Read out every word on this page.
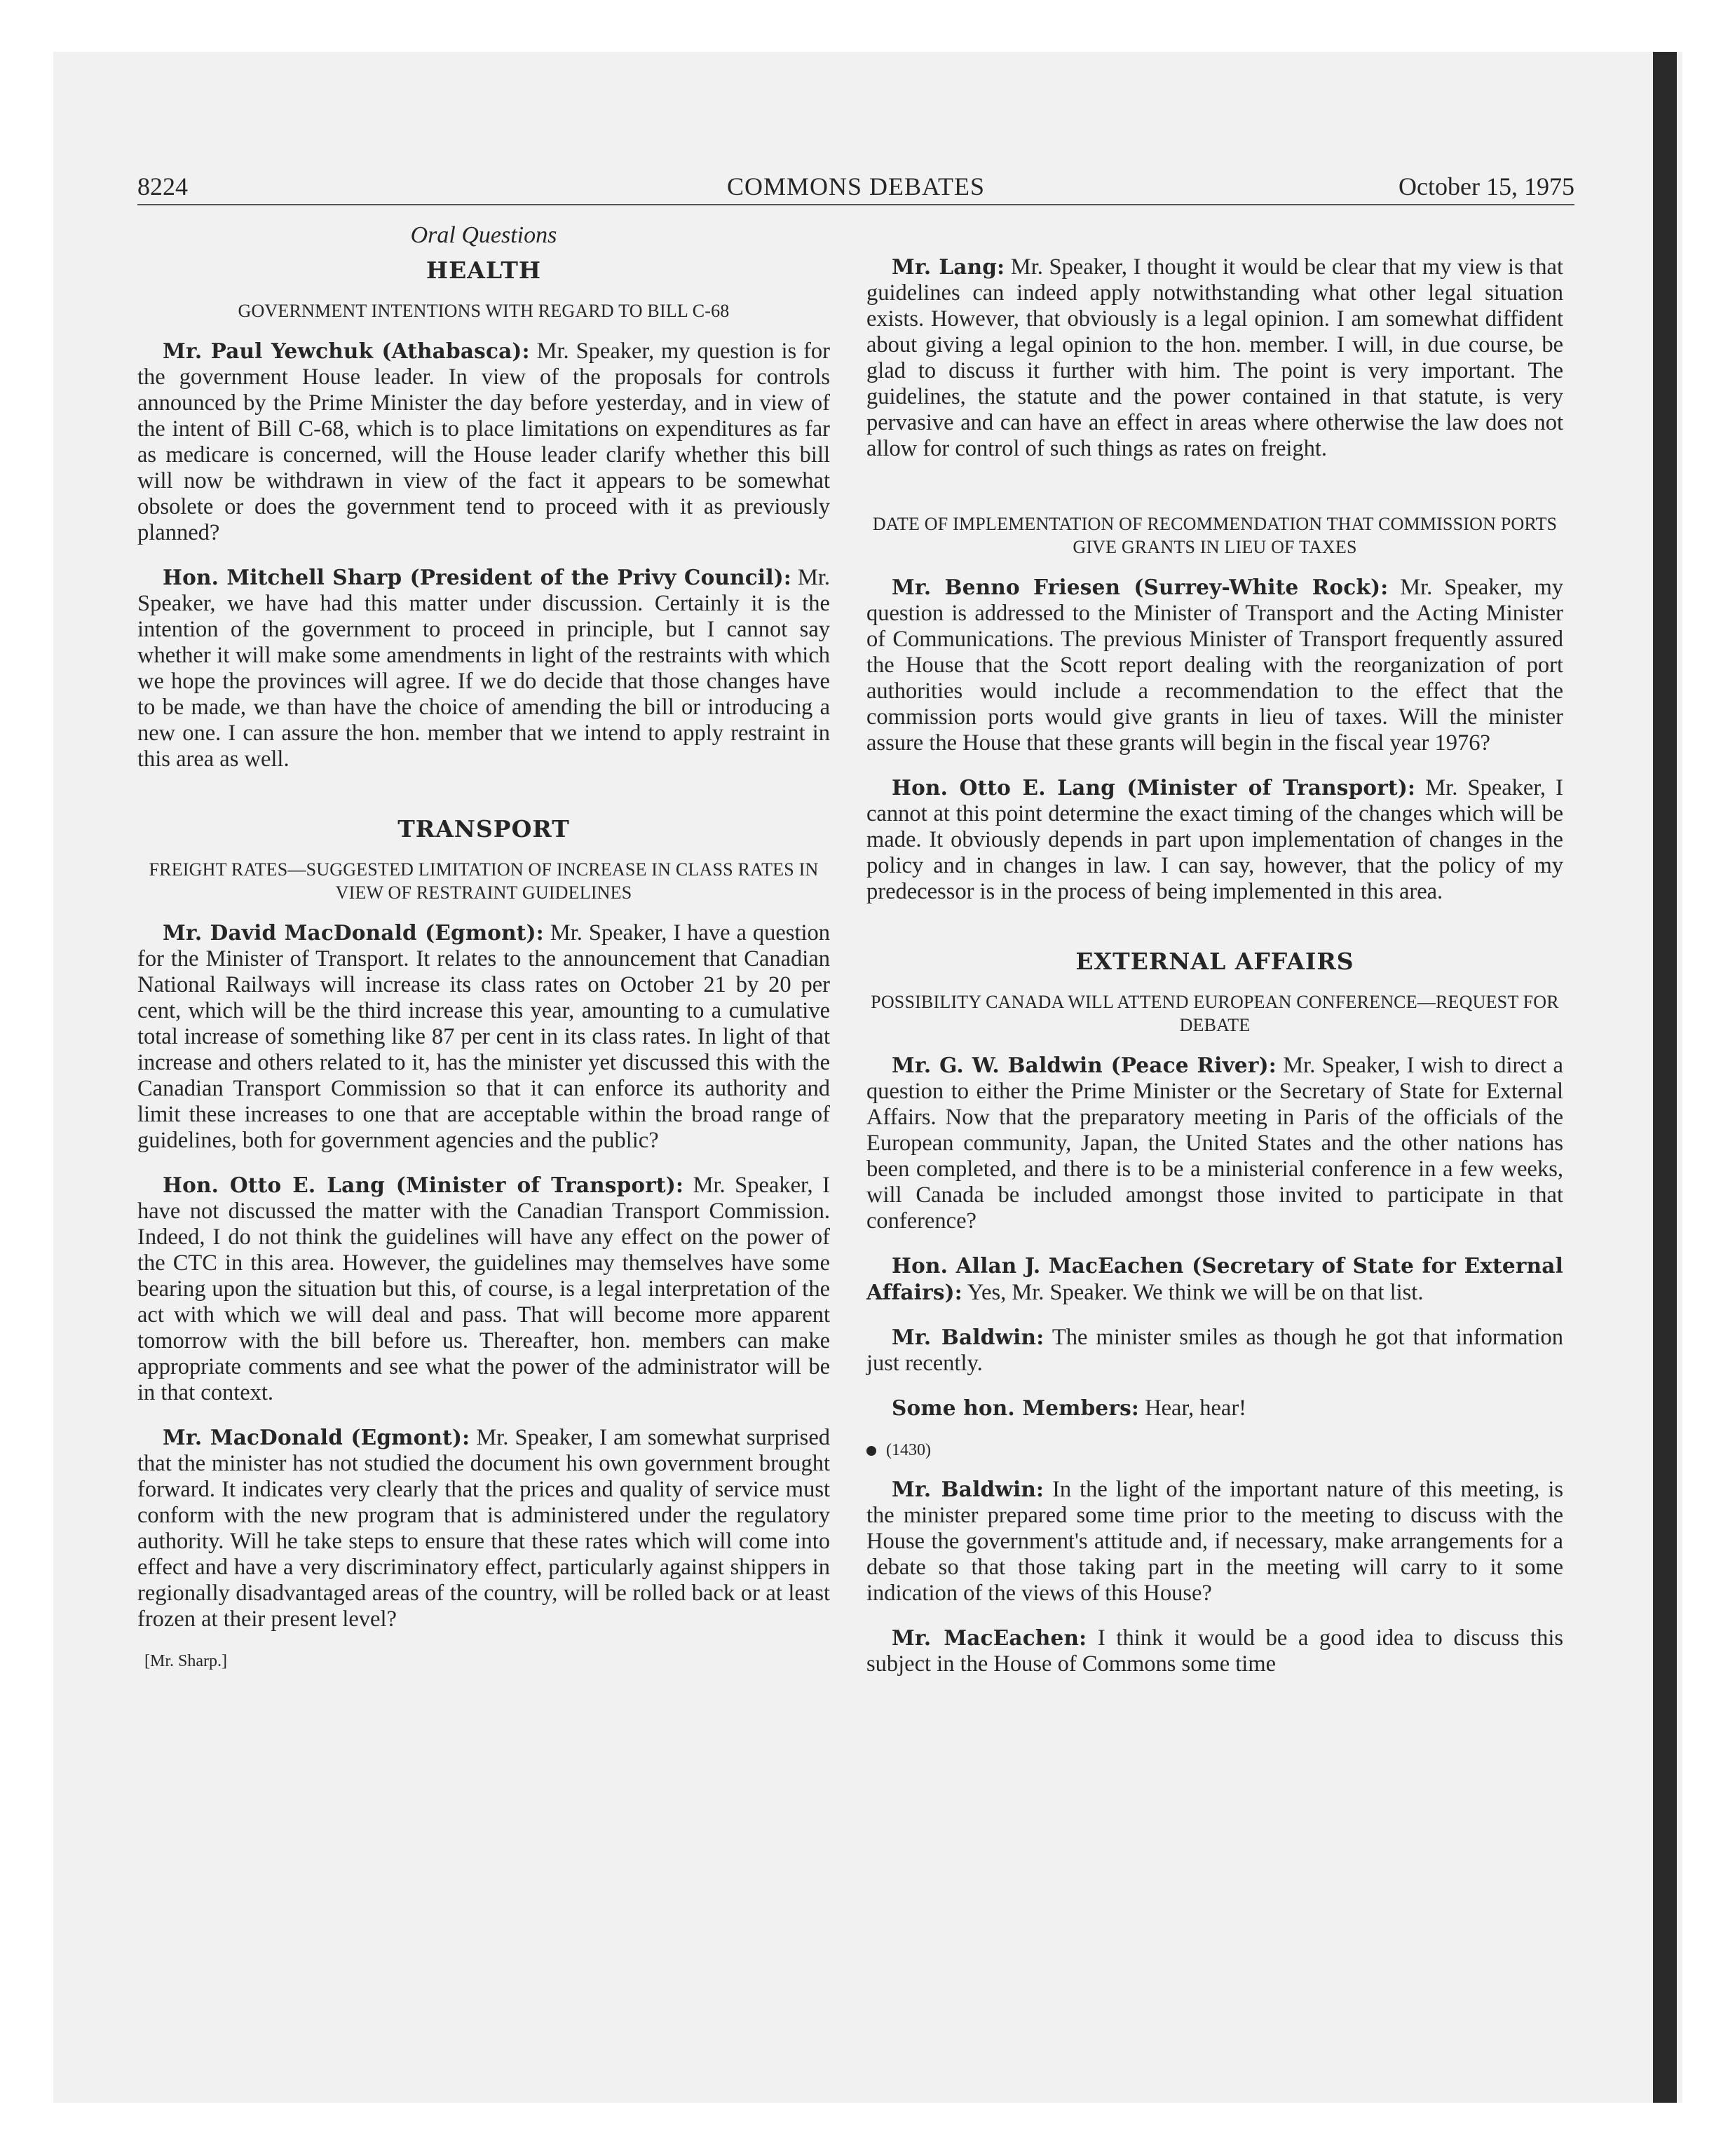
8224	COMMONS DEBATES	October 15, 1975
Oral Questions
HEALTH
GOVERNMENT INTENTIONS WITH REGARD TO BILL C-68

Mr. Paul Yewchuk (Athabasca): Mr. Speaker, my question is for the government House leader. In view of the proposals for controls announced by the Prime Minister the day before yesterday, and in view of the intent of Bill C-68, which is to place limitations on expenditures as far as medicare is concerned, will the House leader clarify whether this bill will now be withdrawn in view of the fact it appears to be somewhat obsolete or does the government tend to proceed with it as previously planned?

Hon. Mitchell Sharp (President of the Privy Council): Mr. Speaker, we have had this matter under discussion. Certainly it is the intention of the government to proceed in principle, but I cannot say whether it will make some amendments in light of the restraints with which we hope the provinces will agree. If we do decide that those changes have to be made, we than have the choice of amending the bill or introducing a new one. I can assure the hon. member that we intend to apply restraint in this area as well.

TRANSPORT
FREIGHT RATES—SUGGESTED LIMITATION OF INCREASE IN CLASS RATES IN VIEW OF RESTRAINT GUIDELINES

Mr. David MacDonald (Egmont): Mr. Speaker, I have a question for the Minister of Transport. It relates to the announcement that Canadian National Railways will increase its class rates on October 21 by 20 per cent, which will be the third increase this year, amounting to a cumulative total increase of something like 87 per cent in its class rates. In light of that increase and others related to it, has the minister yet discussed this with the Canadian Transport Commission so that it can enforce its authority and limit these increases to one that are acceptable within the broad range of guidelines, both for government agencies and the public?

Hon. Otto E. Lang (Minister of Transport): Mr. Speaker, I have not discussed the matter with the Canadian Transport Commission. Indeed, I do not think the guidelines will have any effect on the power of the CTC in this area. However, the guidelines may themselves have some bearing upon the situation but this, of course, is a legal interpretation of the act with which we will deal and pass. That will become more apparent tomorrow with the bill before us. Thereafter, hon. members can make appropriate comments and see what the power of the administrator will be in that context.

Mr. MacDonald (Egmont): Mr. Speaker, I am somewhat surprised that the minister has not studied the document his own government brought forward. It indicates very clearly that the prices and quality of service must conform with the new program that is administered under the regulatory authority. Will he take steps to ensure that these rates which will come into effect and have a very discriminatory effect, particularly against shippers in regionally disadvantaged areas of the country, will be rolled back or at least frozen at their present level?

[Mr. Sharp.]

Mr. Lang: Mr. Speaker, I thought it would be clear that my view is that guidelines can indeed apply notwithstanding what other legal situation exists. However, that obviously is a legal opinion. I am somewhat diffident about giving a legal opinion to the hon. member. I will, in due course, be glad to discuss it further with him. The point is very important. The guidelines, the statute and the power contained in that statute, is very pervasive and can have an effect in areas where otherwise the law does not allow for control of such things as rates on freight.

DATE OF IMPLEMENTATION OF RECOMMENDATION THAT COMMISSION PORTS GIVE GRANTS IN LIEU OF TAXES

Mr. Benno Friesen (Surrey-White Rock): Mr. Speaker, my question is addressed to the Minister of Transport and the Acting Minister of Communications. The previous Minister of Transport frequently assured the House that the Scott report dealing with the reorganization of port authorities would include a recommendation to the effect that the commission ports would give grants in lieu of taxes. Will the minister assure the House that these grants will begin in the fiscal year 1976?

Hon. Otto E. Lang (Minister of Transport): Mr. Speaker, I cannot at this point determine the exact timing of the changes which will be made. It obviously depends in part upon implementation of changes in the policy and in changes in law. I can say, however, that the policy of my predecessor is in the process of being implemented in this area.

EXTERNAL AFFAIRS
POSSIBILITY CANADA WILL ATTEND EUROPEAN CONFERENCE—REQUEST FOR DEBATE

Mr. G. W. Baldwin (Peace River): Mr. Speaker, I wish to direct a question to either the Prime Minister or the Secretary of State for External Affairs. Now that the preparatory meeting in Paris of the officials of the European community, Japan, the United States and the other nations has been completed, and there is to be a ministerial conference in a few weeks, will Canada be included amongst those invited to participate in that conference?

Hon. Allan J. MacEachen (Secretary of State for External Affairs): Yes, Mr. Speaker. We think we will be on that list.

Mr. Baldwin: The minister smiles as though he got that information just recently.

Some hon. Members: Hear, hear!

(1430)

Mr. Baldwin: In the light of the important nature of this meeting, is the minister prepared some time prior to the meeting to discuss with the House the government's attitude and, if necessary, make arrangements for a debate so that those taking part in the meeting will carry to it some indication of the views of this House?

Mr. MacEachen: I think it would be a good idea to discuss this subject in the House of Commons some time
